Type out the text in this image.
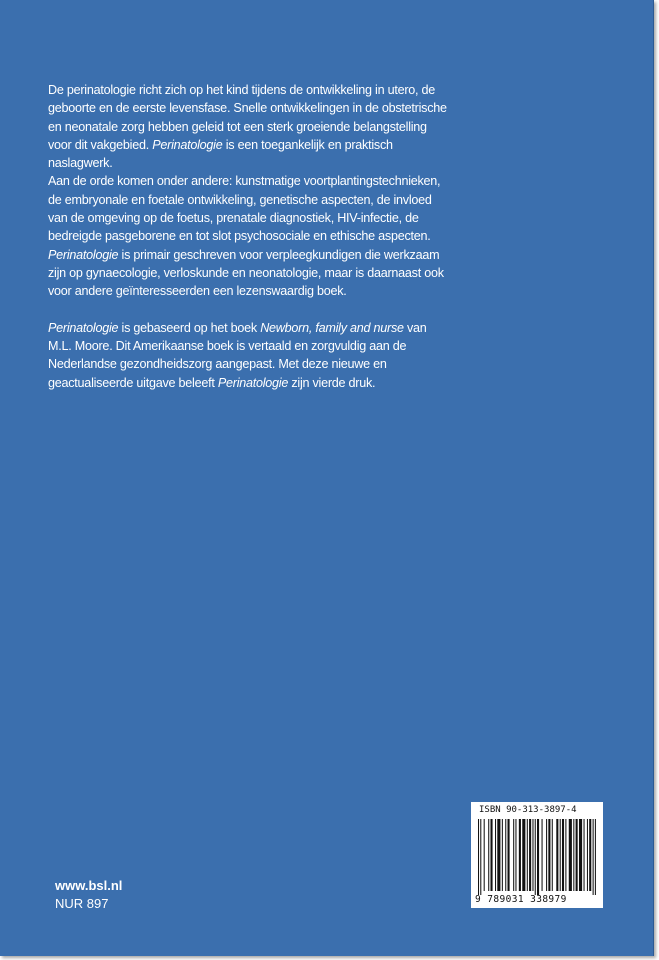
De perinatologie richt zich op het kind tijdens de ontwikkeling in utero, de geboorte en de eerste levensfase. Snelle ontwikkelingen in de obstetrische en neonatale zorg hebben geleid tot een sterk groeiende belangstelling voor dit vakgebied. Perinatologie is een toegankelijk en praktisch naslagwerk.

Aan de orde komen onder andere: kunstmatige voortplantingstechnieken, de embryonale en foetale ontwikkeling, genetische aspecten, de invloed van de omgeving op de foetus, prenatale diagnostiek, HIV-infectie, de bedreigde pasgeborene en tot slot psychosociale en ethische aspecten.

Perinatologie is primair geschreven voor verpleegkundigen die werkzaam zijn op gynaecologie, verloskunde en neonatologie, maar is daarnaast ook voor andere geïnteresseerden een lezenswaardig boek.

Perinatologie is gebaseerd op het boek Newborn, family and nurse van M.L. Moore. Dit Amerikaanse boek is vertaald en zorgvuldig aan de Nederlandse gezondheidszorg aangepast. Met deze nieuwe en geactualiseerde uitgave beleeft Perinatologie zijn vierde druk.

www.bsl.nl
NUR 897
ISBN 90-313-3897-4
9 789031 338979
